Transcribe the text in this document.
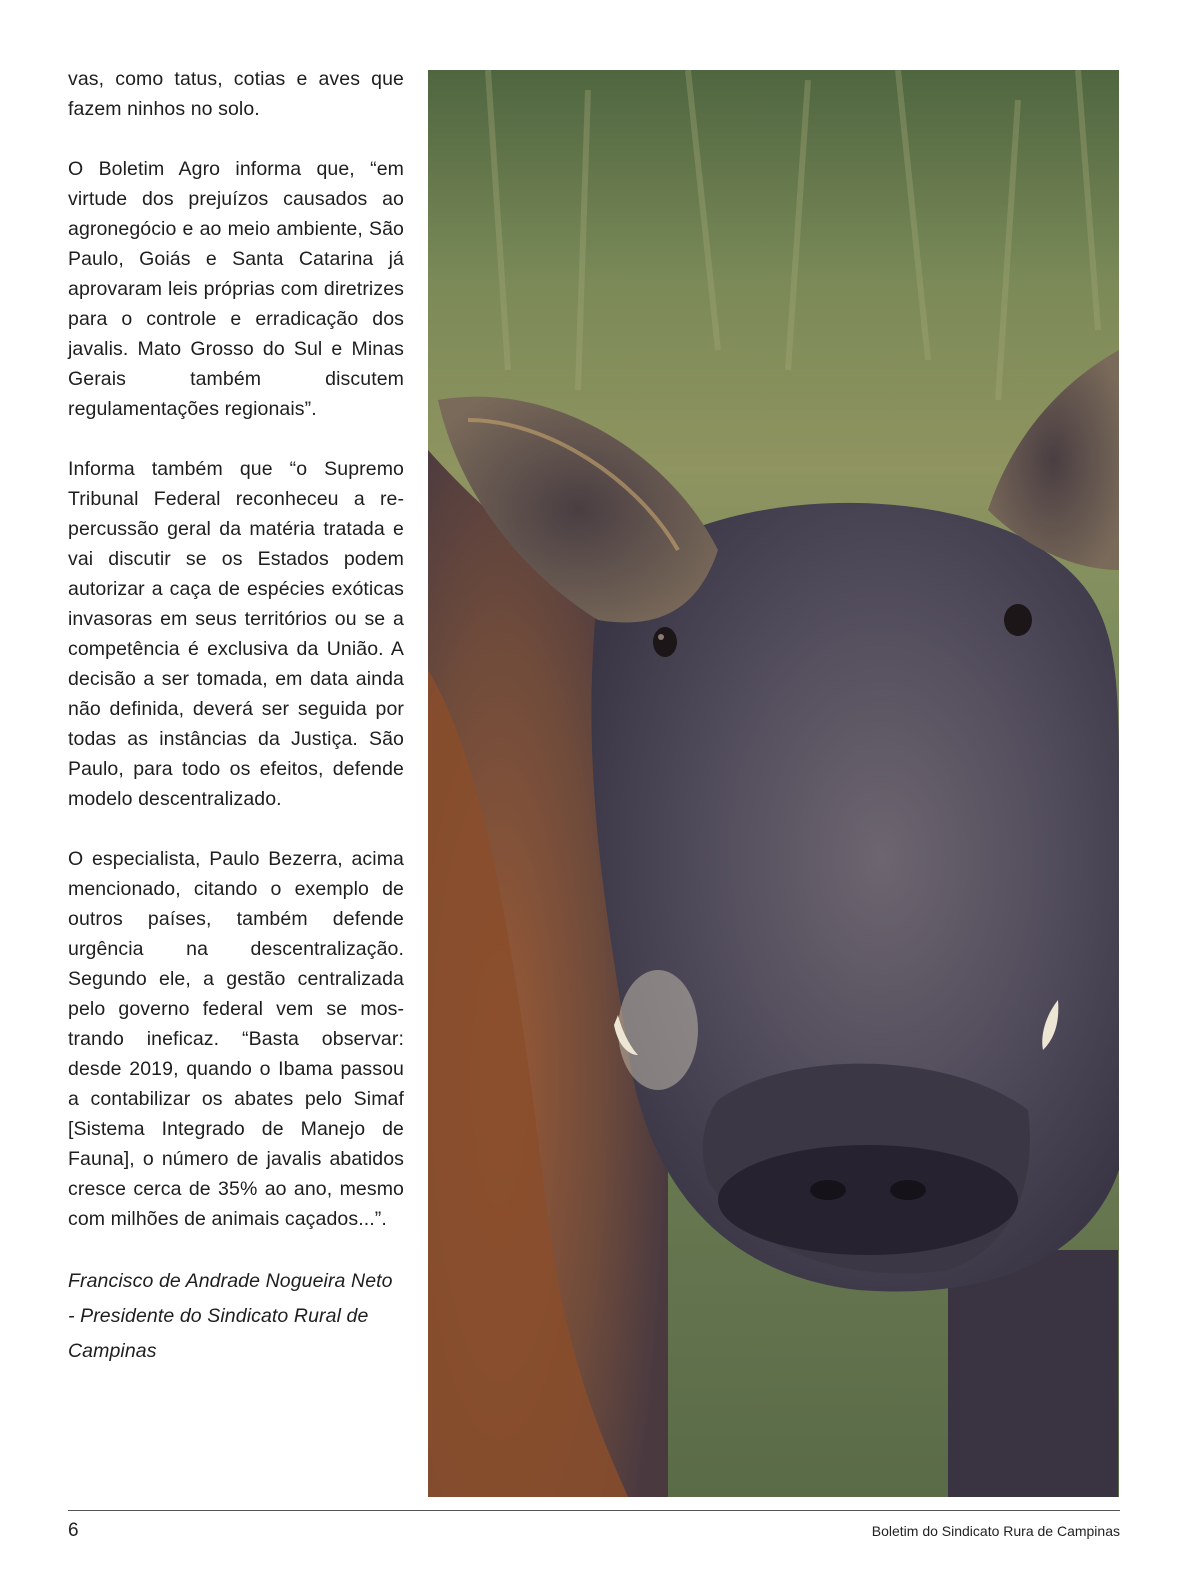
vas, como tatus, cotias e aves que fazem ninhos no solo.

O Boletim Agro informa que, “em virtude dos prejuízos causados ao agronegócio e ao meio ambiente, São Paulo, Goiás e Santa Catarina já aprovaram leis próprias com diretrizes para o controle e erradicação dos javalis. Mato Grosso do Sul e Minas Gerais também discutem regulamentações regionais”.

Informa também que “o Supremo Tribunal Federal reconheceu a repercussão geral da matéria tratada e vai discutir se os Estados podem autorizar a caça de espécies exóticas invasoras em seus territórios ou se a competência é exclusiva da União. A decisão a ser tomada, em data ainda não definida, deverá ser seguida por todas as instâncias da Justiça. São Paulo, para todo os efeitos, defende modelo descentralizado.

O especialista, Paulo Bezerra, acima mencionado, citando o exemplo de outros países, também defende urgência na descentralização. Segundo ele, a gestão centralizada pelo governo federal vem se mostrando ineficaz. “Basta observar: desde 2019, quando o Ibama passou a contabilizar os abates pelo Simaf [Sistema Integrado de Manejo de Fauna], o número de javalis abatidos cresce cerca de 35% ao ano, mesmo com milhões de animais caçados...”.

Francisco de Andrade Nogueira Neto - Presidente do Sindicato Rural de Campinas

6	Boletim do Sindicato Rura de Campinas
